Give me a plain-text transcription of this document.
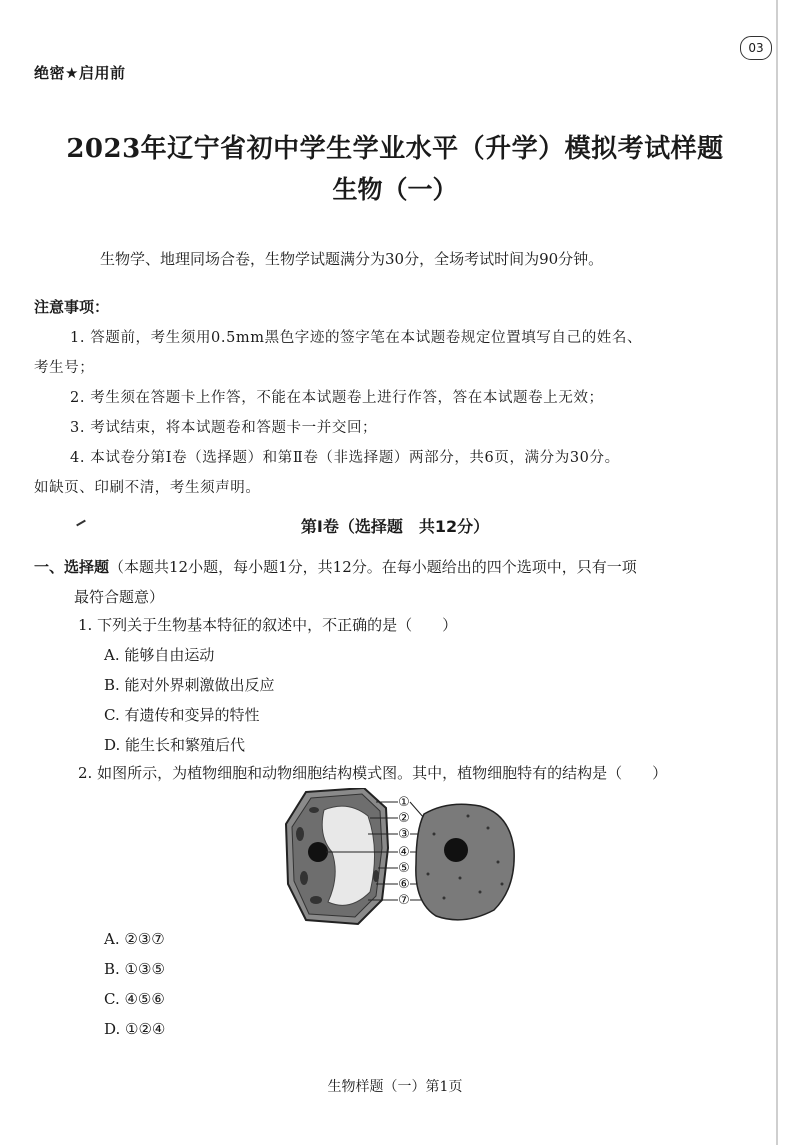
03
绝密★启用前
2023年辽宁省初中学生学业水平（升学）模拟考试样题
生物（一）
生物学、地理同场合卷，生物学试题满分为30分，全场考试时间为90分钟。
注意事项：
1. 答题前，考生须用0.5mm黑色字迹的签字笔在本试题卷规定位置填写自己的姓名、
考生号；
2. 考生须在答题卡上作答，不能在本试题卷上进行作答，答在本试题卷上无效；
3. 考试结束，将本试题卷和答题卡一并交回；
4. 本试卷分第Ⅰ卷（选择题）和第Ⅱ卷（非选择题）两部分，共6页，满分为30分。
如缺页、印刷不清，考生须声明。
第Ⅰ卷（选择题　共12分）
一、选择题（本题共12小题，每小题1分，共12分。在每小题给出的四个选项中，只有一项
最符合题意）
1. 下列关于生物基本特征的叙述中，不正确的是（　　）
A. 能够自由运动
B. 能对外界刺激做出反应
C. 有遗传和变异的特性
D. 能生长和繁殖后代
2. 如图所示，为植物细胞和动物细胞结构模式图。其中，植物细胞特有的结构是（　　）
①
②
③
④
⑤
⑥
⑦
A. ②③⑦
B. ①③⑤
C. ④⑤⑥
D. ①②④
生物样题（一）第1页
